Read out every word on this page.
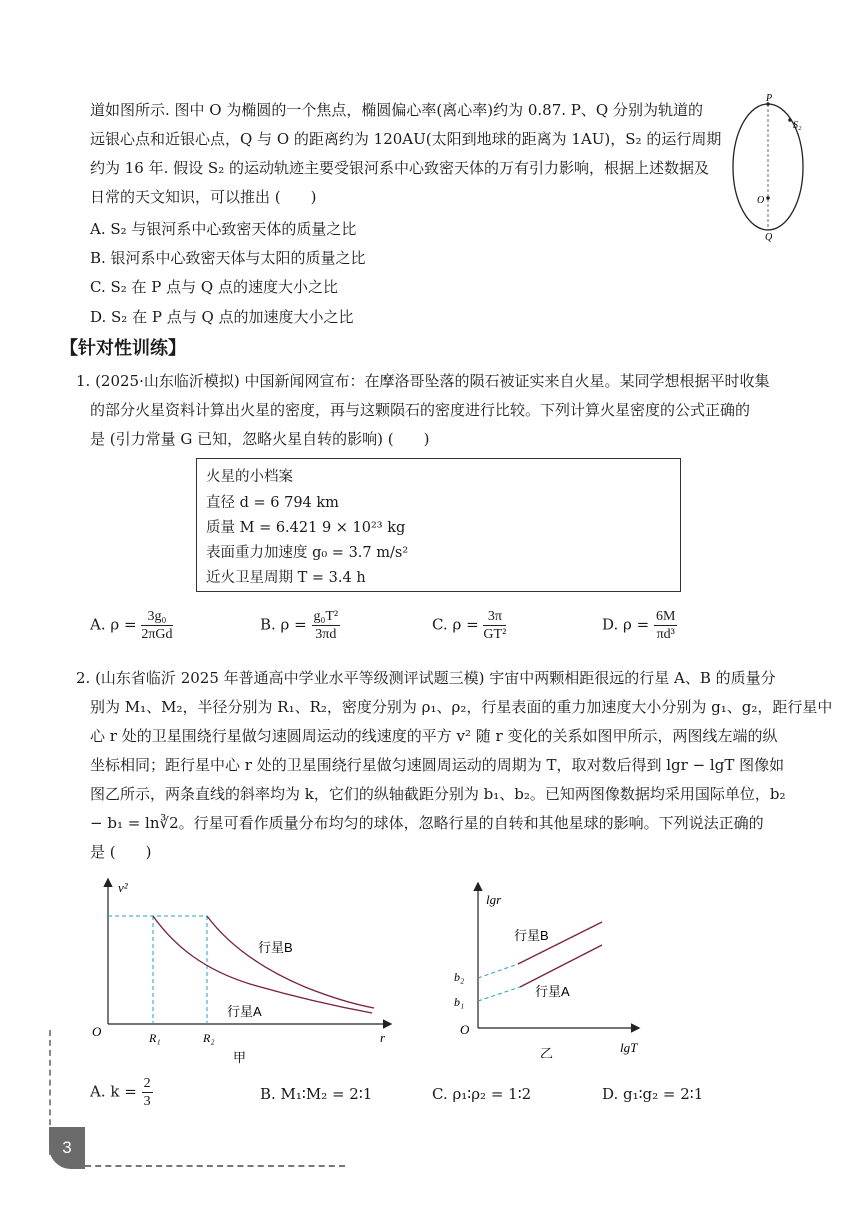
道如图所示. 图中 O 为椭圆的一个焦点，椭圆偏心率(离心率)约为 0.87. P、Q 分别为轨道的
远银心点和近银心点，Q 与 O 的距离约为 120AU(太阳到地球的距离为 1AU)，S₂ 的运行周期
约为 16 年. 假设 S₂ 的运动轨迹主要受银河系中心致密天体的万有引力影响，根据上述数据及
日常的天文知识，可以推出 (　　)
A. S₂ 与银河系中心致密天体的质量之比
B. 银河系中心致密天体与太阳的质量之比
C. S₂ 在 P 点与 Q 点的速度大小之比
D. S₂ 在 P 点与 Q 点的加速度大小之比
P
S₂
O
Q
【针对性训练】
1. (2025·山东临沂模拟) 中国新闻网宣布：在摩洛哥坠落的陨石被证实来自火星。某同学想根据平时收集
的部分火星资料计算出火星的密度，再与这颗陨石的密度进行比较。下列计算火星密度的公式正确的
是 (引力常量 G 已知，忽略火星自转的影响) (　　)
火星的小档案
直径 d = 6 794 km
质量 M = 6.421 9 × 10²³ kg
表面重力加速度 g₀ = 3.7 m/s²
近火卫星周期 T = 3.4 h
A. $\rho = \frac{\text{3g₀}}{\text{2πGd}}$	B. $\rho = \frac{\text{g₀T²}}{3\pi d}$	C. $\rho = \frac{3\pi}{\text{GT²}}$	D. $\rho = \frac{6M}{\text{πd³}}$
2. (山东省临沂 2025 年普通高中学业水平等级测评试题三模) 宇宙中两颗相距很远的行星 A、B 的质量分
别为 M₁、M₂，半径分别为 R₁、R₂，密度分别为 ρ₁、ρ₂，行星表面的重力加速度大小分别为 g₁、g₂，距行星中
心 r 处的卫星围绕行星做匀速圆周运动的线速度的平方 v² 随 r 变化的关系如图甲所示，两图线左端的纵
坐标相同；距行星中心 r 处的卫星围绕行星做匀速圆周运动的周期为 T，取对数后得到 lgr − lgT 图像如
图乙所示，两条直线的斜率均为 k，它们的纵轴截距分别为 b₁、b₂。已知两图像数据均采用国际单位，b₂
− b₁ = ln∛2。行星可看作质量分布均匀的球体，忽略行星的自转和其他星球的影响。下列说法正确的
是 (　　)
v²
r
O	R₁	R₂
行星B
行星A
甲
lgr
lgT
O
b₂
b₁
行星B
行星A
乙
A. $k = \frac{2}{3}$	B. M₁∶M₂ = 2∶1	C. ρ₁∶ρ₂ = 1∶2	D. g₁∶g₂ = 2∶1
3
